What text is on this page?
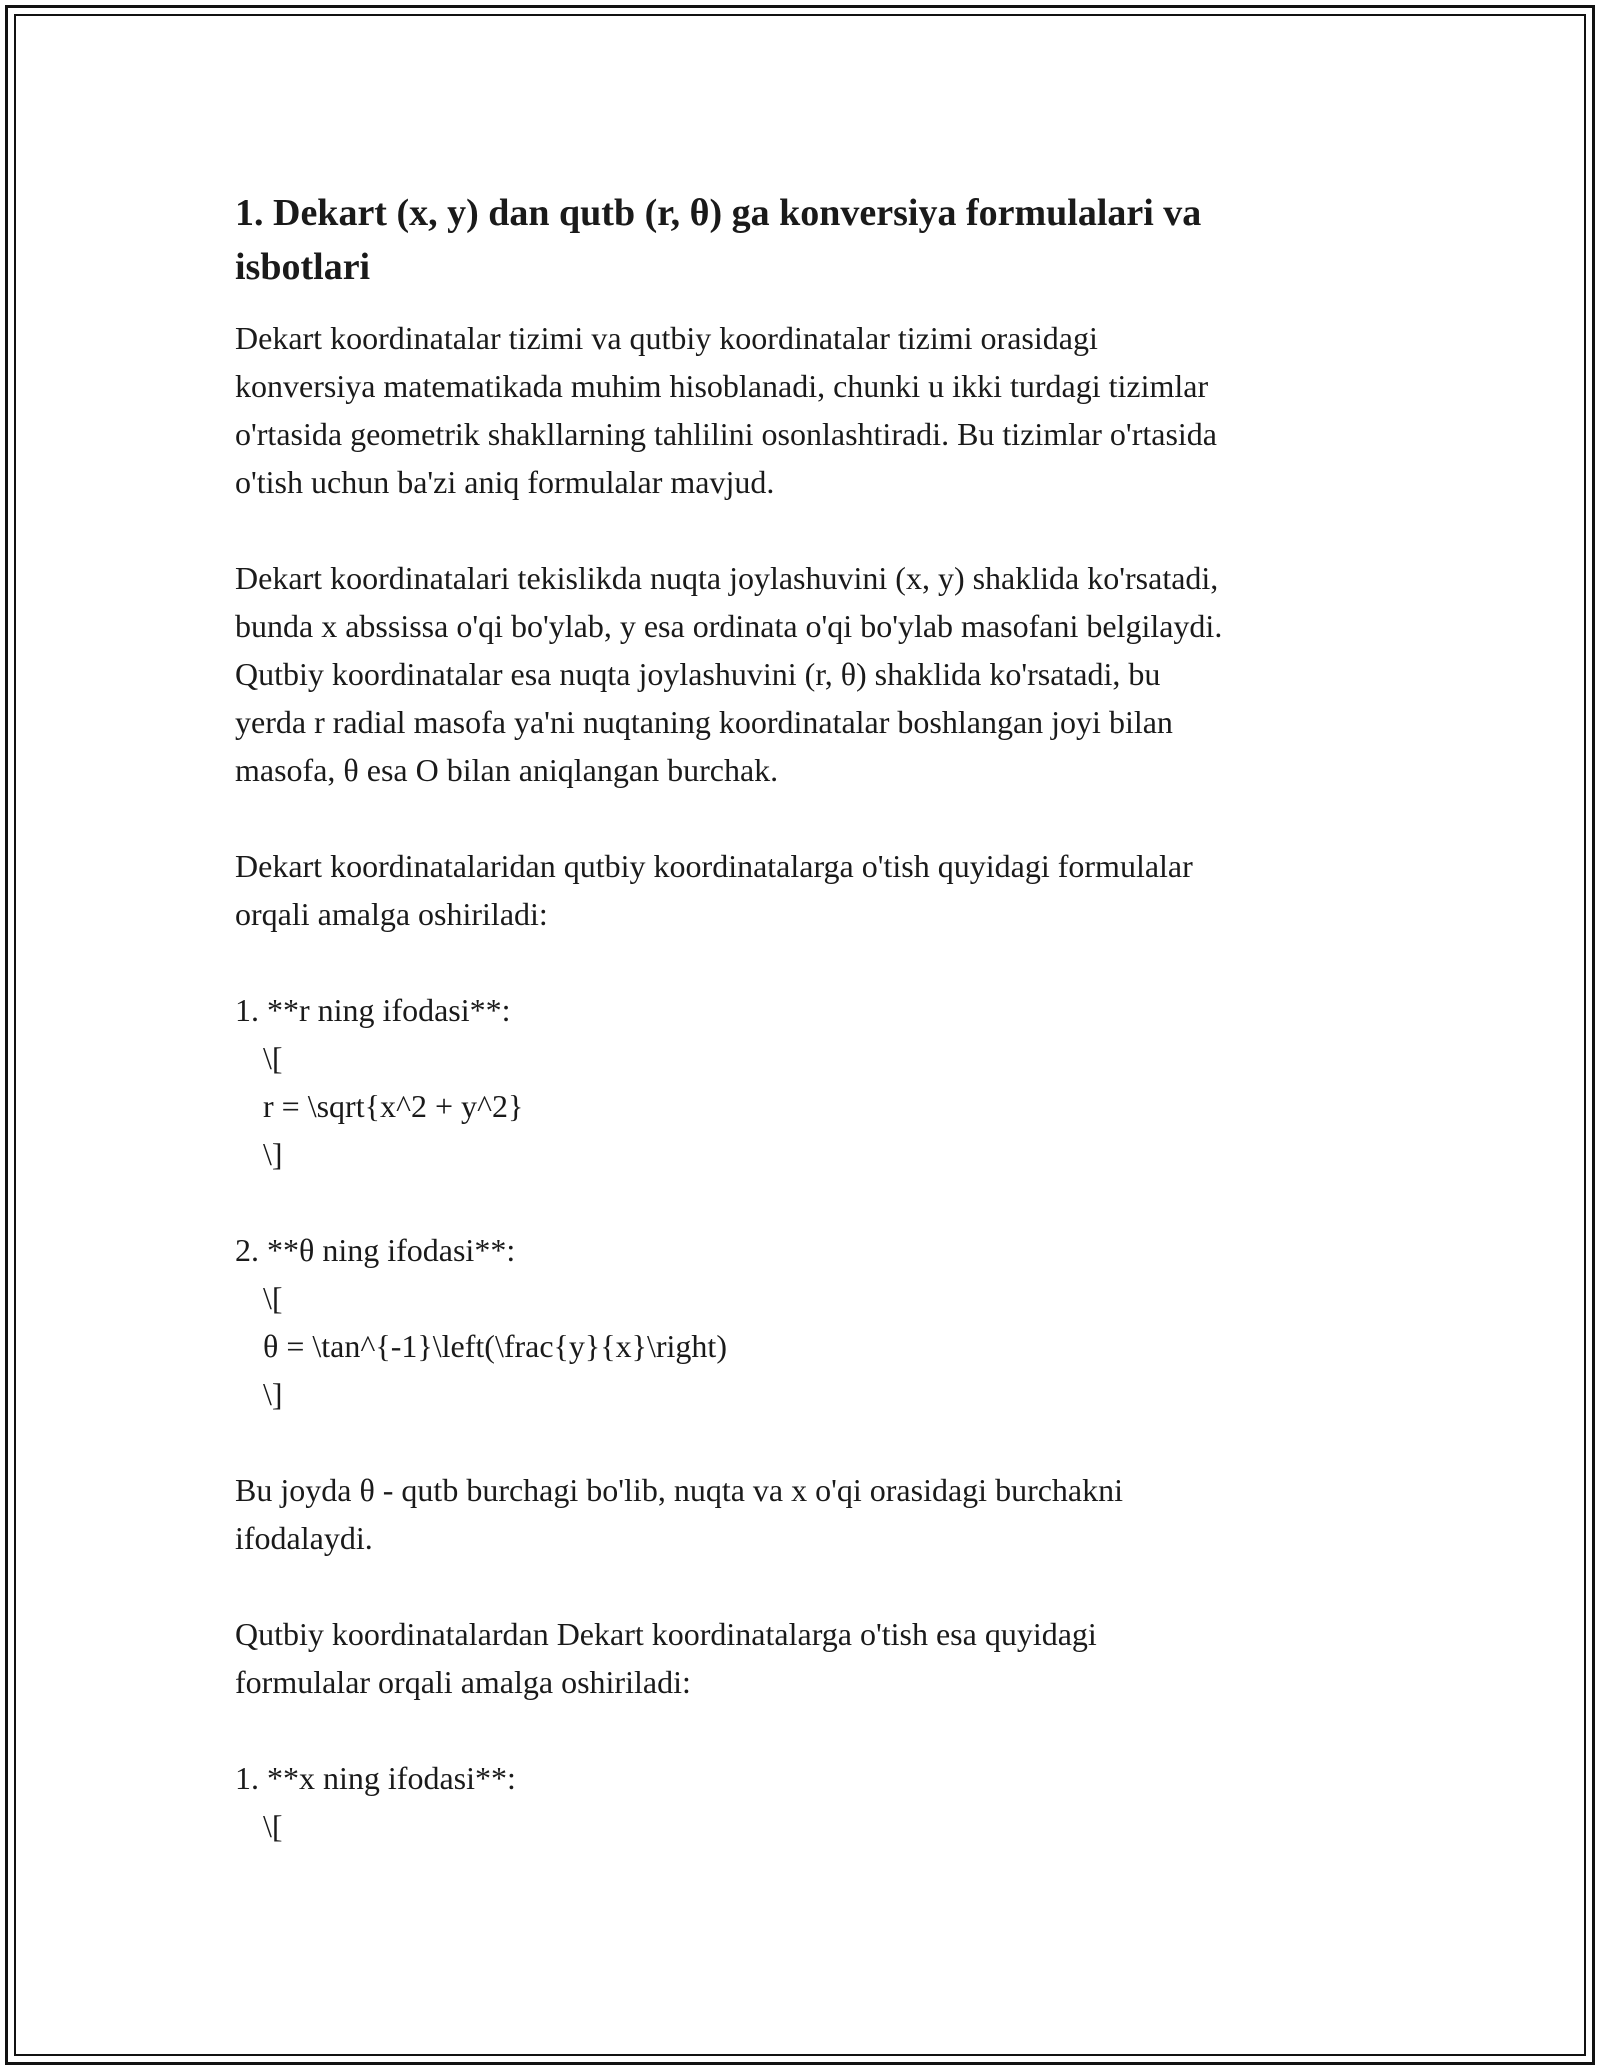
1. Dekart (x, y) dan qutb (r, θ) ga konversiya formulalari va
isbotlari

Dekart koordinatalar tizimi va qutbiy koordinatalar tizimi orasidagi
konversiya matematikada muhim hisoblanadi, chunki u ikki turdagi tizimlar
o'rtasida geometrik shakllarning tahlilini osonlashtiradi. Bu tizimlar o'rtasida
o'tish uchun ba'zi aniq formulalar mavjud.

Dekart koordinatalari tekislikda nuqta joylashuvini (x, y) shaklida ko'rsatadi,
bunda x abssissa o'qi bo'ylab, y esa ordinata o'qi bo'ylab masofani belgilaydi.
Qutbiy koordinatalar esa nuqta joylashuvini (r, θ) shaklida ko'rsatadi, bu
yerda r radial masofa ya'ni nuqtaning koordinatalar boshlangan joyi bilan
masofa, θ esa O bilan aniqlangan burchak.

Dekart koordinatalaridan qutbiy koordinatalarga o'tish quyidagi formulalar
orqali amalga oshiriladi:

1. **r ning ifodasi**:
\[
r = \sqrt{x^2 + y^2}
\]
2. **θ ning ifodasi**:
\[
θ = \tan^{-1}\left(\frac{y}{x}\right)
\]

Bu joyda θ - qutb burchagi bo'lib, nuqta va x o'qi orasidagi burchakni
ifodalaydi.

Qutbiy koordinatalardan Dekart koordinatalarga o'tish esa quyidagi
formulalar orqali amalga oshiriladi:

1. **x ning ifodasi**:
\[
